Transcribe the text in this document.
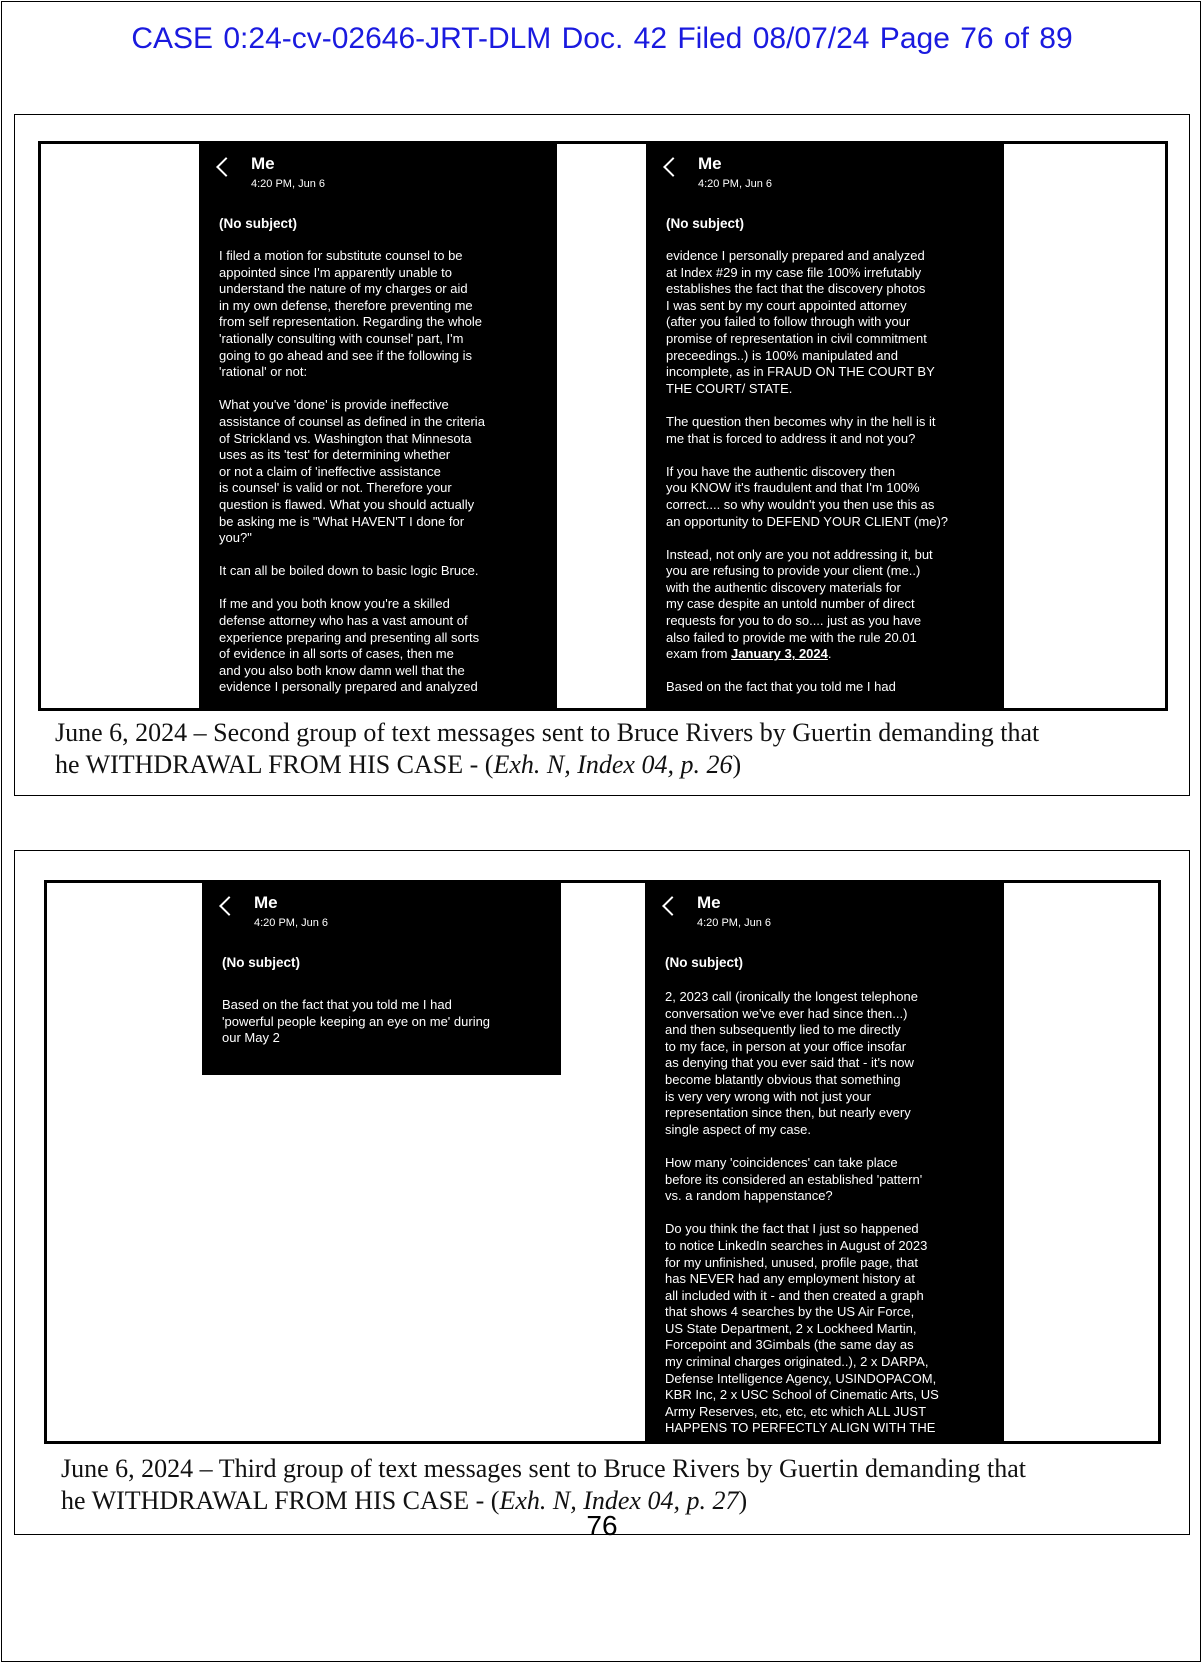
CASE 0:24-cv-02646-JRT-DLM Doc. 42 Filed 08/07/24 Page 76 of 89
Me
4:20 PM, Jun 6
(No subject)
I filed a motion for substitute counsel to be
appointed since I'm apparently unable to
understand the nature of my charges or aid
in my own defense, therefore preventing me
from self representation. Regarding the whole
'rationally consulting with counsel' part, I'm
going to go ahead and see if the following is
'rational' or not:
What you've 'done' is provide ineffective
assistance of counsel as defined in the criteria
of Strickland vs. Washington that Minnesota
uses as its 'test' for determining whether
or not a claim of 'ineffective assistance
is counsel' is valid or not. Therefore your
question is flawed. What you should actually
be asking me is "What HAVEN'T I done for
you?"
It can all be boiled down to basic logic Bruce.
If me and you both know you're a skilled
defense attorney who has a vast amount of
experience preparing and presenting all sorts
of evidence in all sorts of cases, then me
and you also both know damn well that the
evidence I personally prepared and analyzed
Me
4:20 PM, Jun 6
(No subject)
evidence I personally prepared and analyzed
at Index #29 in my case file 100% irrefutably
establishes the fact that the discovery photos
I was sent by my court appointed attorney
(after you failed to follow through with your
promise of representation in civil commitment
preceedings..) is 100% manipulated and
incomplete, as in FRAUD ON THE COURT BY
THE COURT/ STATE.
The question then becomes why in the hell is it
me that is forced to address it and not you?
If you have the authentic discovery then
you KNOW it's fraudulent and that I'm 100%
correct.... so why wouldn't you then use this as
an opportunity to DEFEND YOUR CLIENT (me)?
Instead, not only are you not addressing it, but
you are refusing to provide your client (me..)
with the authentic discovery materials for
my case despite an untold number of direct
requests for you to do so.... just as you have
also failed to provide me with the rule 20.01
exam from January 3, 2024.
Based on the fact that you told me I had
June 6, 2024 – Second group of text messages sent to Bruce Rivers by Guertin demanding that
he WITHDRAWAL FROM HIS CASE - (Exh. N, Index 04, p. 26)
Me
4:20 PM, Jun 6
(No subject)
Based on the fact that you told me I had
'powerful people keeping an eye on me' during
our May 2
Me
4:20 PM, Jun 6
(No subject)
2, 2023 call (ironically the longest telephone
conversation we've ever had since then...)
and then subsequently lied to me directly
to my face, in person at your office insofar
as denying that you ever said that - it's now
become blatantly obvious that something
is very very wrong with not just your
representation since then, but nearly every
single aspect of my case.
How many 'coincidences' can take place
before its considered an established 'pattern'
vs. a random happenstance?
Do you think the fact that I just so happened
to notice LinkedIn searches in August of 2023
for my unfinished, unused, profile page, that
has NEVER had any employment history at
all included with it - and then created a graph
that shows 4 searches by the US Air Force,
US State Department, 2 x Lockheed Martin,
Forcepoint and 3Gimbals (the same day as
my criminal charges originated..), 2 x DARPA,
Defense Intelligence Agency, USINDOPACOM,
KBR Inc, 2 x USC School of Cinematic Arts, US
Army Reserves, etc, etc, etc which ALL JUST
HAPPENS TO PERFECTLY ALIGN WITH THE
June 6, 2024 – Third group of text messages sent to Bruce Rivers by Guertin demanding that
he WITHDRAWAL FROM HIS CASE - (Exh. N, Index 04, p. 27)
76
